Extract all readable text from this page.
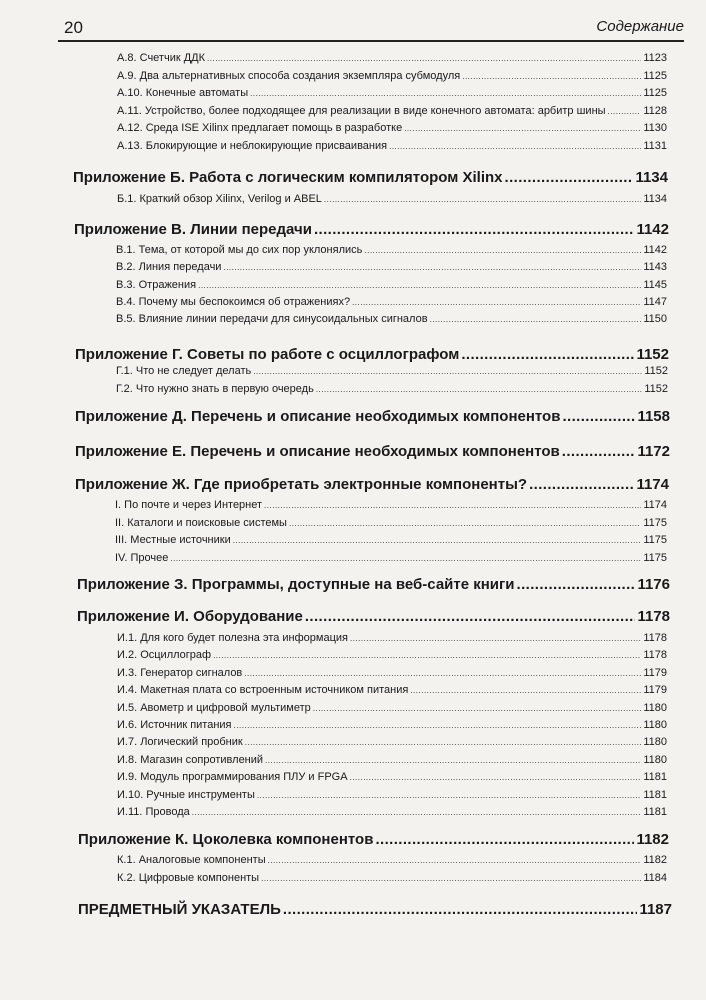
20	Содержание
А.8. Счетчик ДДК .....	1123
А.9. Два альтернативных способа создания экземпляра субмодуля .....	1125
А.10. Конечные автоматы .....	1125
А.11. Устройство, более подходящее для реализации в виде конечного автомата: арбитр шины .....	1128
А.12. Среда ISE Xilinx предлагает помощь в разработке .....	1130
А.13. Блокирующие и неблокирующие присваивания .....	1131
Приложение Б. Работа с логическим компилятором Xilinx .....	1134
Б.1. Краткий обзор Xilinx, Verilog и ABEL .....	1134
Приложение В. Линии передачи .....	1142
В.1. Тема, от которой мы до сих пор уклонялись .....	1142
В.2. Линия передачи .....	1143
В.3. Отражения .....	1145
В.4. Почему мы беспокоимся об отражениях? .....	1147
В.5. Влияние линии передачи для синусоидальных сигналов .....	1150
Приложение Г. Советы по работе с осциллографом .....	1152
Г.1. Что не следует делать .....	1152
Г.2. Что нужно знать в первую очередь .....	1152
Приложение Д. Перечень и описание необходимых компонентов .....	1158
Приложение Е. Перечень и описание необходимых компонентов .....	1172
Приложение Ж. Где приобретать электронные компоненты? .....	1174
I. По почте и через Интернет .....	1174
II. Каталоги и поисковые системы .....	1175
III. Местные источники .....	1175
IV. Прочее .....	1175
Приложение З. Программы, доступные на веб-сайте книги .....	1176
Приложение И. Оборудование .....	1178
И.1. Для кого будет полезна эта информация .....	1178
И.2. Осциллограф .....	1178
И.3. Генератор сигналов .....	1179
И.4. Макетная плата со встроенным источником питания .....	1179
И.5. Авометр и цифровой мультиметр .....	1180
И.6. Источник питания .....	1180
И.7. Логический пробник .....	1180
И.8. Магазин сопротивлений .....	1180
И.9. Модуль программирования ПЛУ и FPGA .....	1181
И.10. Ручные инструменты .....	1181
И.11. Провода .....	1181
Приложение К. Цоколевка компонентов .....	1182
К.1. Аналоговые компоненты .....	1182
К.2. Цифровые компоненты .....	1184
ПРЕДМЕТНЫЙ УКАЗАТЕЛЬ .....	1187
